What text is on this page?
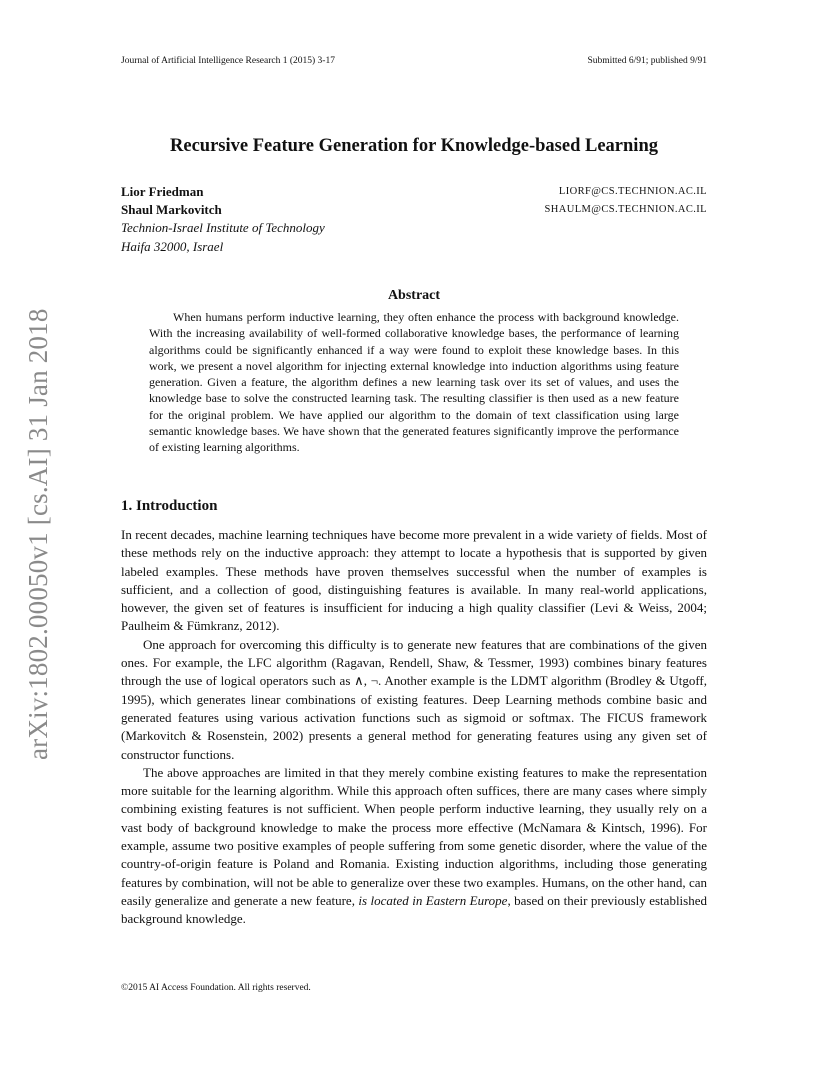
Journal of Artificial Intelligence Research 1 (2015) 3-17	Submitted 6/91; published 9/91
arXiv:1802.00050v1 [cs.AI] 31 Jan 2018
Recursive Feature Generation for Knowledge-based Learning
Lior Friedman	LIORF@CS.TECHNION.AC.IL
Shaul Markovitch	SHAULM@CS.TECHNION.AC.IL
Technion-Israel Institute of Technology
Haifa 32000, Israel
Abstract

When humans perform inductive learning, they often enhance the process with background knowledge. With the increasing availability of well-formed collaborative knowledge bases, the performance of learning algorithms could be significantly enhanced if a way were found to exploit these knowledge bases. In this work, we present a novel algorithm for injecting external knowledge into induction algorithms using feature generation. Given a feature, the algorithm defines a new learning task over its set of values, and uses the knowledge base to solve the constructed learning task. The resulting classifier is then used as a new feature for the original problem. We have applied our algorithm to the domain of text classification using large semantic knowledge bases. We have shown that the generated features significantly improve the performance of existing learning algorithms.

1. Introduction

In recent decades, machine learning techniques have become more prevalent in a wide variety of fields. Most of these methods rely on the inductive approach: they attempt to locate a hypothesis that is supported by given labeled examples. These methods have proven themselves successful when the number of examples is sufficient, and a collection of good, distinguishing features is available. In many real-world applications, however, the given set of features is insufficient for inducing a high quality classifier (Levi & Weiss, 2004; Paulheim & Fümkranz, 2012).

One approach for overcoming this difficulty is to generate new features that are combinations of the given ones. For example, the LFC algorithm (Ragavan, Rendell, Shaw, & Tessmer, 1993) combines binary features through the use of logical operators such as ∧, ¬. Another example is the LDMT algorithm (Brodley & Utgoff, 1995), which generates linear combinations of existing features. Deep Learning methods combine basic and generated features using various activation functions such as sigmoid or softmax. The FICUS framework (Markovitch & Rosenstein, 2002) presents a general method for generating features using any given set of constructor functions.

The above approaches are limited in that they merely combine existing features to make the representation more suitable for the learning algorithm. While this approach often suffices, there are many cases where simply combining existing features is not sufficient. When people perform inductive learning, they usually rely on a vast body of background knowledge to make the process more effective (McNamara & Kintsch, 1996). For example, assume two positive examples of people suffering from some genetic disorder, where the value of the country-of-origin feature is Poland and Romania. Existing induction algorithms, including those generating features by combination, will not be able to generalize over these two examples. Humans, on the other hand, can easily generalize and generate a new feature, is located in Eastern Europe, based on their previously established background knowledge.

©2015 AI Access Foundation. All rights reserved.
